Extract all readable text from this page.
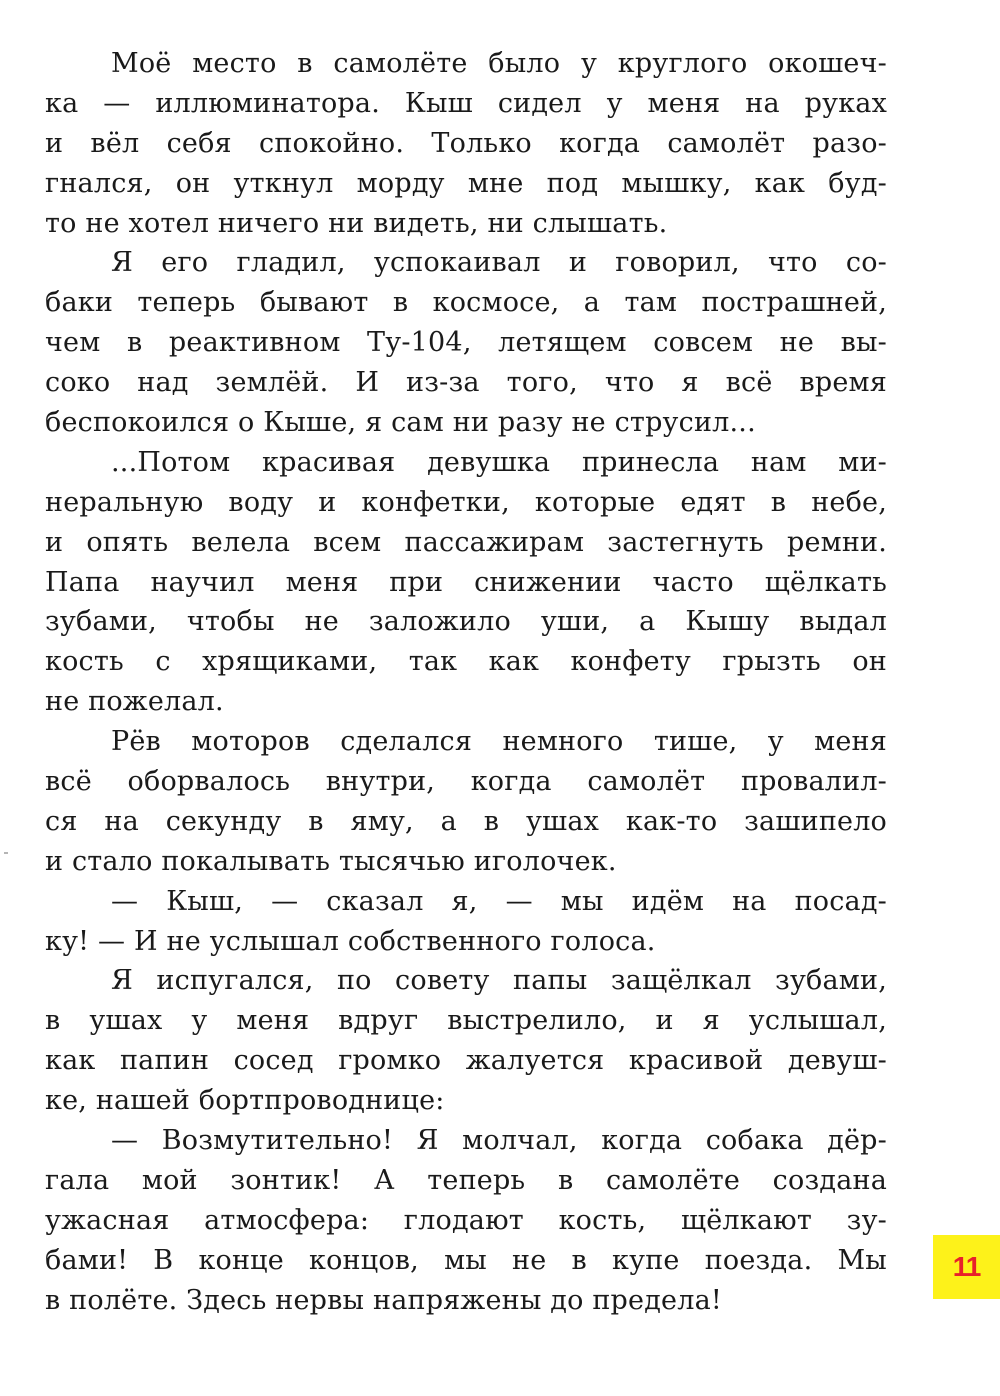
Моё место в самолёте было у круглого окошеч-
ка — иллюминатора. Кыш сидел у меня на руках
и вёл себя спокойно. Только когда самолёт разо-
гнался, он уткнул морду мне под мышку, как буд-
то не хотел ничего ни видеть, ни слышать.
Я его гладил, успокаивал и говорил, что со-
баки теперь бывают в космосе, а там пострашней,
чем в реактивном Ту-104, летящем совсем не вы-
соко над землёй. И из-за того, что я всё время
беспокоился о Кыше, я сам ни разу не струсил...
...Потом красивая девушка принесла нам ми-
неральную воду и конфетки, которые едят в небе,
и опять велела всем пассажирам застегнуть ремни.
Папа научил меня при снижении часто щёлкать
зубами, чтобы не заложило уши, а Кышу выдал
кость с хрящиками, так как конфету грызть он
не пожелал.
Рёв моторов сделался немного тише, у меня
всё оборвалось внутри, когда самолёт провалил-
ся на секунду в яму, а в ушах как-то зашипело
и стало покалывать тысячью иголочек.
— Кыш, — сказал я, — мы идём на посад-
ку! — И не услышал собственного голоса.
Я испугался, по совету папы защёлкал зубами,
в ушах у меня вдруг выстрелило, и я услышал,
как папин сосед громко жалуется красивой девуш-
ке, нашей бортпроводнице:
— Возмутительно! Я молчал, когда собака дёр-
гала мой зонтик! А теперь в самолёте создана
ужасная атмосфера: глодают кость, щёлкают зу-
бами! В конце концов, мы не в купе поезда. Мы
в полёте. Здесь нервы напряжены до предела!
11
